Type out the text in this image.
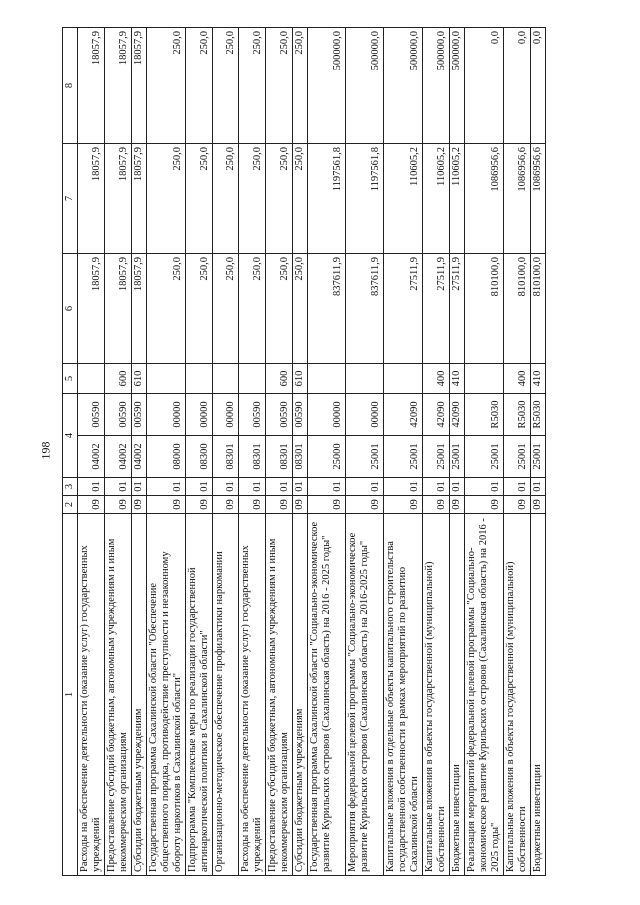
198
1	2	3	4		5	6	7	8
Расходы на обеспечение деятельности (оказание услуг) государственных учреждений	09	01	04002	00590		18057,9	18057,9	18057,9
Предоставление субсидий бюджетным, автономным учреждениям и иным некоммерческим организациям	09	01	04002	00590	600	18057,9	18057,9	18057,9
Субсидии бюджетным учреждениям	09	01	04002	00590	610	18057,9	18057,9	18057,9
Государственная программа Сахалинской области "Обеспечение общественного порядка, противодействие преступности и незаконному обороту наркотиков в Сахалинской области"	09	01	08000	00000		250,0	250,0	250,0
Подпрограмма "Комплексные меры по реализации государственной антинаркотической политики в Сахалинской области"	09	01	08300	00000		250,0	250,0	250,0
Организационно-методическое обеспечение профилактики наркомании	09	01	08301	00000		250,0	250,0	250,0
Расходы на обеспечение деятельности (оказание услуг) государственных учреждений	09	01	08301	00590		250,0	250,0	250,0
Предоставление субсидий бюджетным, автономным учреждениям и иным некоммерческим организациям	09	01	08301	00590	600	250,0	250,0	250,0
Субсидии бюджетным учреждениям	09	01	08301	00590	610	250,0	250,0	250,0
Государственная программа Сахалинской области "Социально-экономическое развитие Курильских островов (Сахалинская область) на 2016 - 2025 годы"	09	01	25000	00000		837611,9	1197561,8	500000,0
Мероприятия федеральной целевой программы "Социально-экономическое развитие Курильских островов (Сахалинская область) на 2016-2025 годы"	09	01	25001	00000		837611,9	1197561,8	500000,0
Капитальные вложения в отдельные объекты капитального строительства государственной собственности в рамках мероприятий по развитию Сахалинской области	09	01	25001	42090		27511,9	110605,2	500000,0
Капитальные вложения в объекты государственной (муниципальной) собственности	09	01	25001	42090	400	27511,9	110605,2	500000,0
Бюджетные инвестиции	09	01	25001	42090	410	27511,9	110605,2	500000,0
Реализация мероприятий федеральной целевой программы "Социально-экономическое развитие Курильских островов (Сахалинская область) на 2016 - 2025 годы"	09	01	25001	R5030		810100,0	1086956,6	0,0
Капитальные вложения в объекты государственной (муниципальной) собственности	09	01	25001	R5030	400	810100,0	1086956,6	0,0
Бюджетные инвестиции	09	01	25001	R5030	410	810100,0	1086956,6	0,0
